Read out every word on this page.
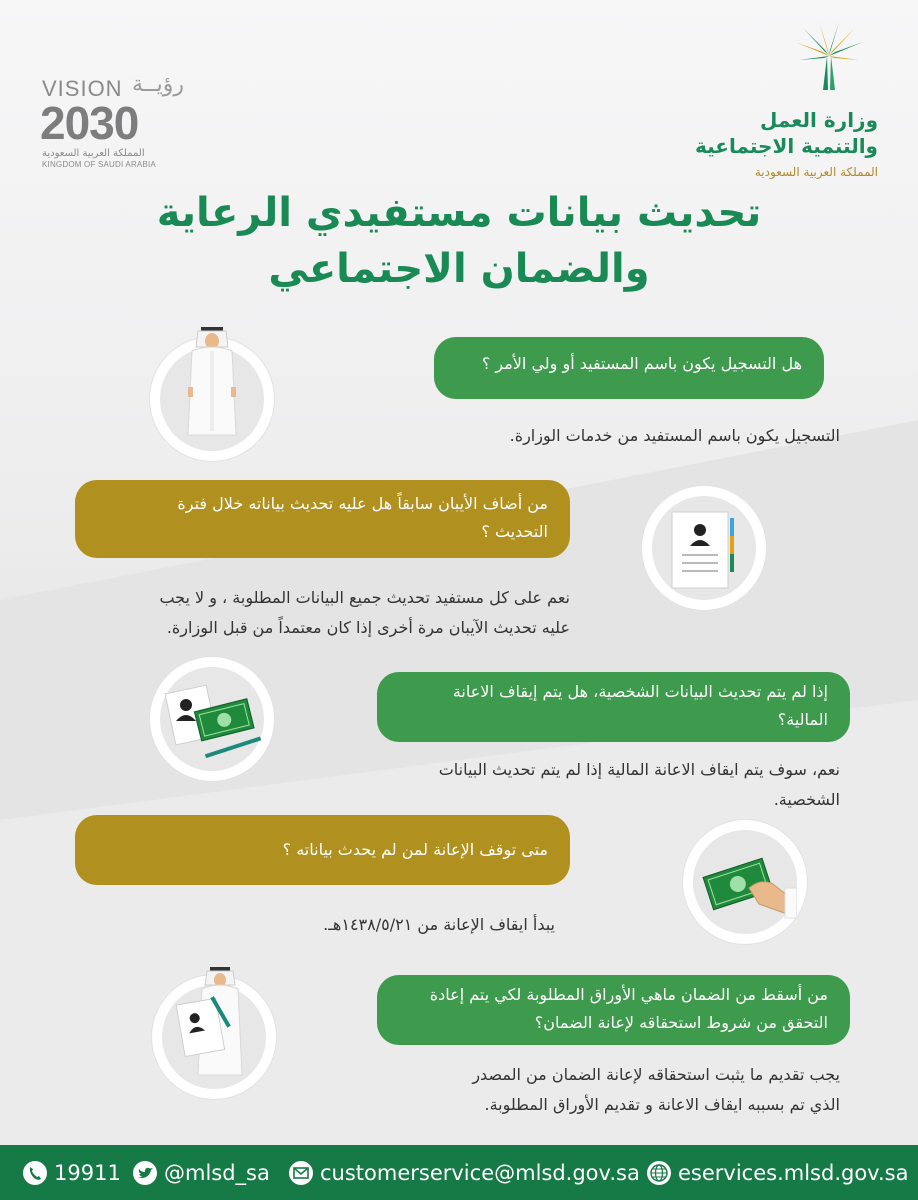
VISION رؤيــة
2030
المملكة العربية السعودية
KINGDOM OF SAUDI ARABIA
وزارة العمل
والتنمية الاجتماعية
المملكة العربية السعودية
تحديث بيانات مستفيدي الرعاية
والضمان الاجتماعي
هل التسجيل يكون باسم المستفيد أو ولي الأمر ؟
التسجيل يكون باسم المستفيد من خدمات الوزارة.
من أضاف الأيبان سابقاً هل عليه تحديث بياناته خلال فترة
التحديث ؟
نعم على كل مستفيد تحديث جميع البيانات المطلوبة ، و لا يجب
عليه تحديث الآيبان مرة أخرى إذا كان معتمداً من قبل الوزارة.
إذا لم يتم تحديث البيانات الشخصية، هل يتم إيقاف الاعانة
المالية؟
نعم، سوف يتم ايقاف الاعانة المالية إذا لم يتم تحديث البيانات
الشخصية.
متى توقف الإعانة لمن لم يحدث بياناته ؟
يبدأ ايقاف الإعانة من ١٤٣٨/٥/٢١هـ.
من أسقط من الضمان ماهي الأوراق المطلوبة لكي يتم إعادة
التحقق من شروط استحقاقه لإعانة الضمان؟
يجب تقديم ما يثبت استحقاقه لإعانة الضمان من المصدر
الذي تم بسببه ايقاف الاعانة و تقديم الأوراق المطلوبة.
19911 @mlsd_sa customerservice@mlsd.gov.sa eservices.mlsd.gov.sa
